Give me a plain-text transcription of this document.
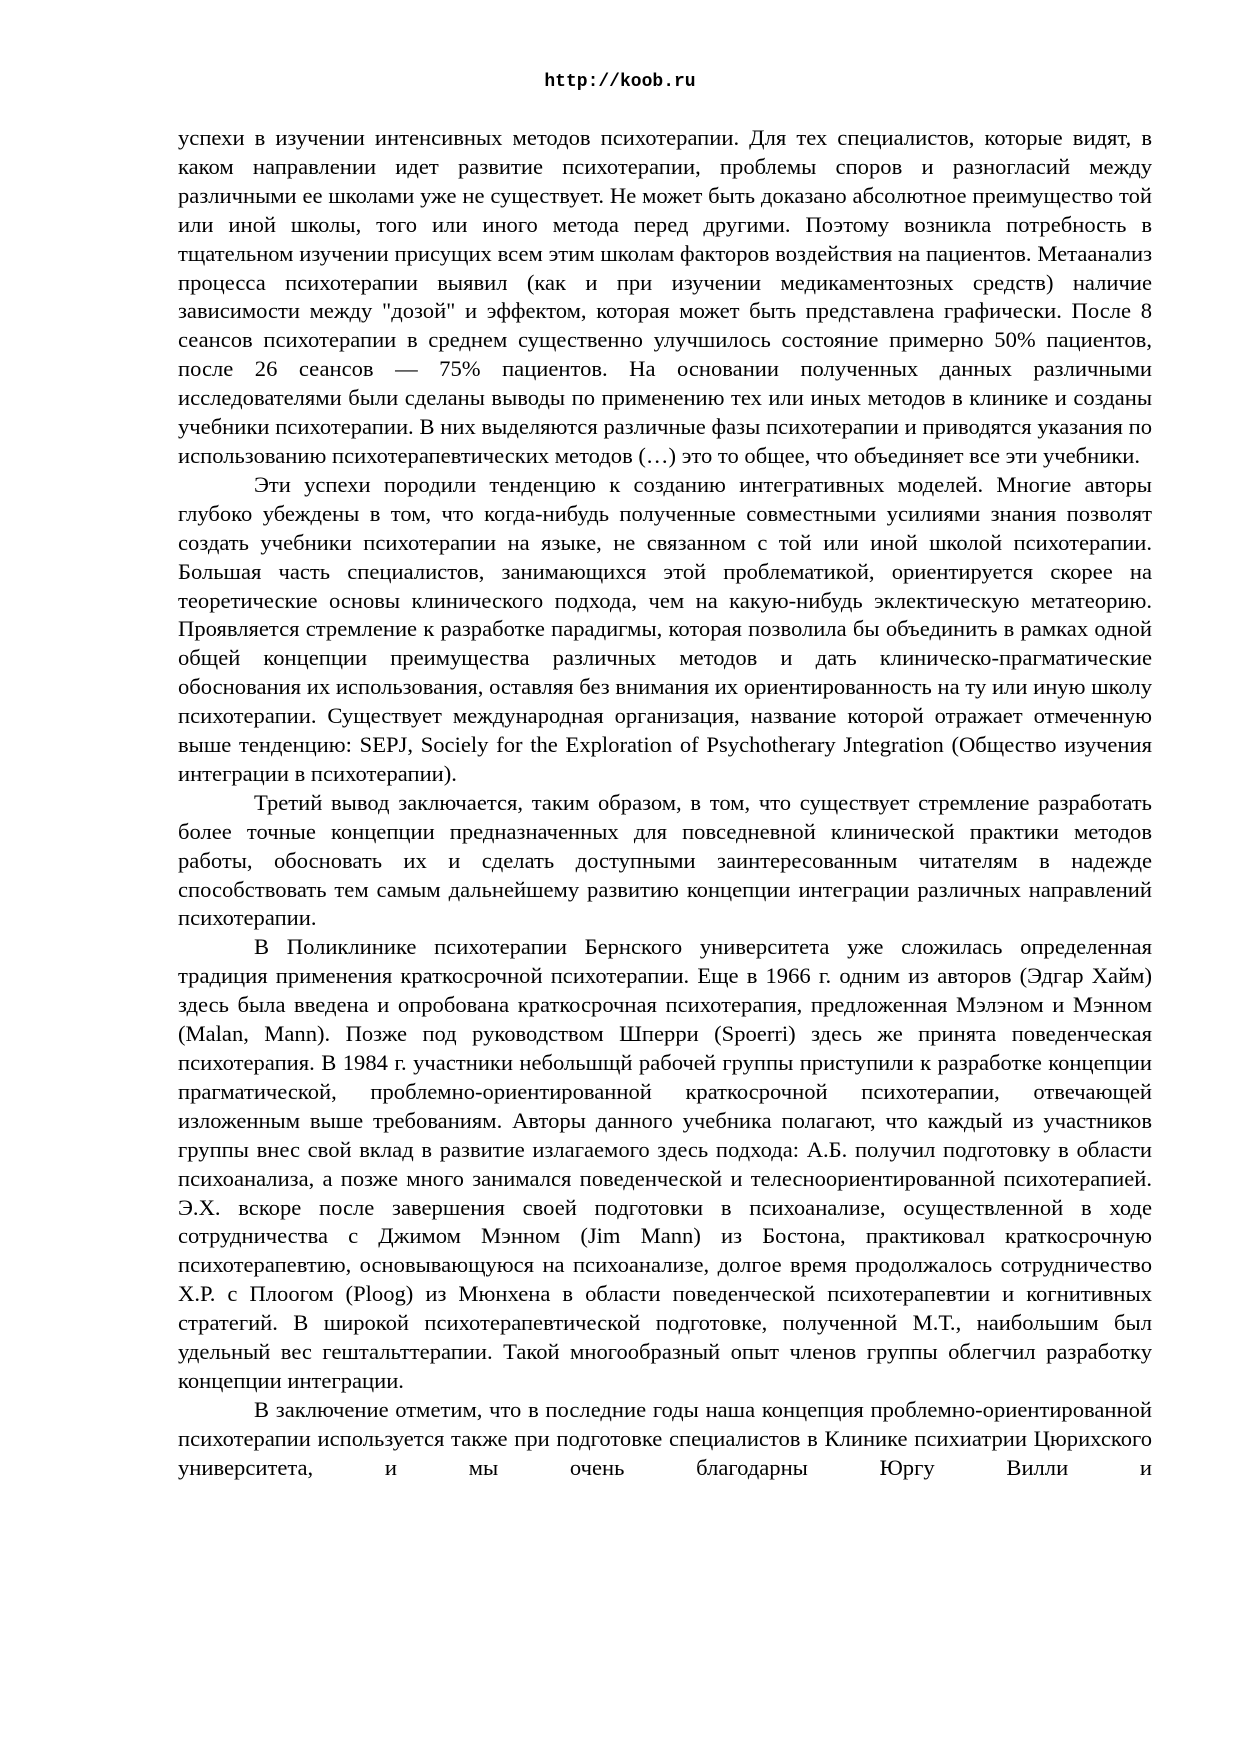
http://koob.ru

успехи в изучении интенсивных методов психотерапии. Для тех специалистов, которые видят, в каком направлении идет развитие психотерапии, проблемы споров и разногласий между различными ее школами уже не существует. Не может быть доказано абсолютное преимущество той или иной школы, того или иного метода перед другими. Поэтому возникла потребность в тщательном изучении присущих всем этим школам факторов воздействия на пациентов. Метаанализ процесса психотерапии выявил (как и при изучении медикаментозных средств) наличие зависимости между "дозой" и эффектом, которая может быть представлена графически. После 8 сеансов психотерапии в среднем существенно улучшилось состояние примерно 50% пациентов, после 26 сеансов — 75% пациентов. На основании полученных данных различными исследователями были сделаны выводы по применению тех или иных методов в клинике и созданы учебники психотерапии. В них выделяются различные фазы психотерапии и приводятся указания по использованию психотерапевтических методов (…) это то общее, что объединяет все эти учебники.

Эти успехи породили тенденцию к созданию интегративных моделей. Многие авторы глубоко убеждены в том, что когда-нибудь полученные совместными усилиями знания позволят создать учебники психотерапии на языке, не связанном с той или иной школой психотерапии. Большая часть специалистов, занимающихся этой проблематикой, ориентируется скорее на теоретические основы клинического подхода, чем на какую-нибудь эклектическую метатеорию. Проявляется стремление к разработке парадигмы, которая позволила бы объединить в рамках одной общей концепции преимущества различных методов и дать клиническо-прагматические обоснования их использования, оставляя без внимания их ориентированность на ту или иную школу психотерапии. Существует международная организация, название которой отражает отмеченную выше тенденцию: SEPJ, Sociely for the Exploration of Psychotherary Jntegration (Общество изучения интеграции в психотерапии).

Третий вывод заключается, таким образом, в том, что существует стремление разработать более точные концепции предназначенных для повседневной клинической практики методов работы, обосновать их и сделать доступными заинтересованным читателям в надежде способствовать тем самым дальнейшему развитию концепции интеграции различных направлений психотерапии.

В Поликлинике психотерапии Бернского университета уже сложилась определенная традиция применения краткосрочной психотерапии. Еще в 1966 г. одним из авторов (Эдгар Хайм) здесь была введена и опробована краткосрочная психотерапия, предложенная Мэлэном и Мэнном (Malan, Mann). Позже под руководством Шперри (Spoerri) здесь же принята поведенческая психотерапия. В 1984 г. участники небольшщй рабочей группы приступили к разработке концепции прагматической, проблемно-ориентированной краткосрочной психотерапии, отвечающей изложенным выше требованиям. Авторы данного учебника полагают, что каждый из участников группы внес свой вклад в развитие излагаемого здесь подхода: А.Б. получил подготовку в области психоанализа, а позже много занимался поведенческой и телесноориентированной психотерапией. Э.Х. вскоре после завершения своей подготовки в психоанализе, осуществленной в ходе сотрудничества с Джимом Мэнном (Jim Mann) из Бостона, практиковал краткосрочную психотерапевтию, основывающуюся на психоанализе, долгое время продолжалось сотрудничество Х.Р. с Плоогом (Ploog) из Мюнхена в области поведенческой психотерапевтии и когнитивных стратегий. В широкой психотерапевтической подготовке, полученной М.Т., наибольшим был удельный вес гештальттерапии. Такой многообразный опыт членов группы облегчил разработку концепции интеграции.

В заключение отметим, что в последние годы наша концепция проблемно-ориентированной психотерапии используется также при подготовке специалистов в Клинике психиатрии Цюрихского университета, и мы очень благодарны Юргу Вилли и
